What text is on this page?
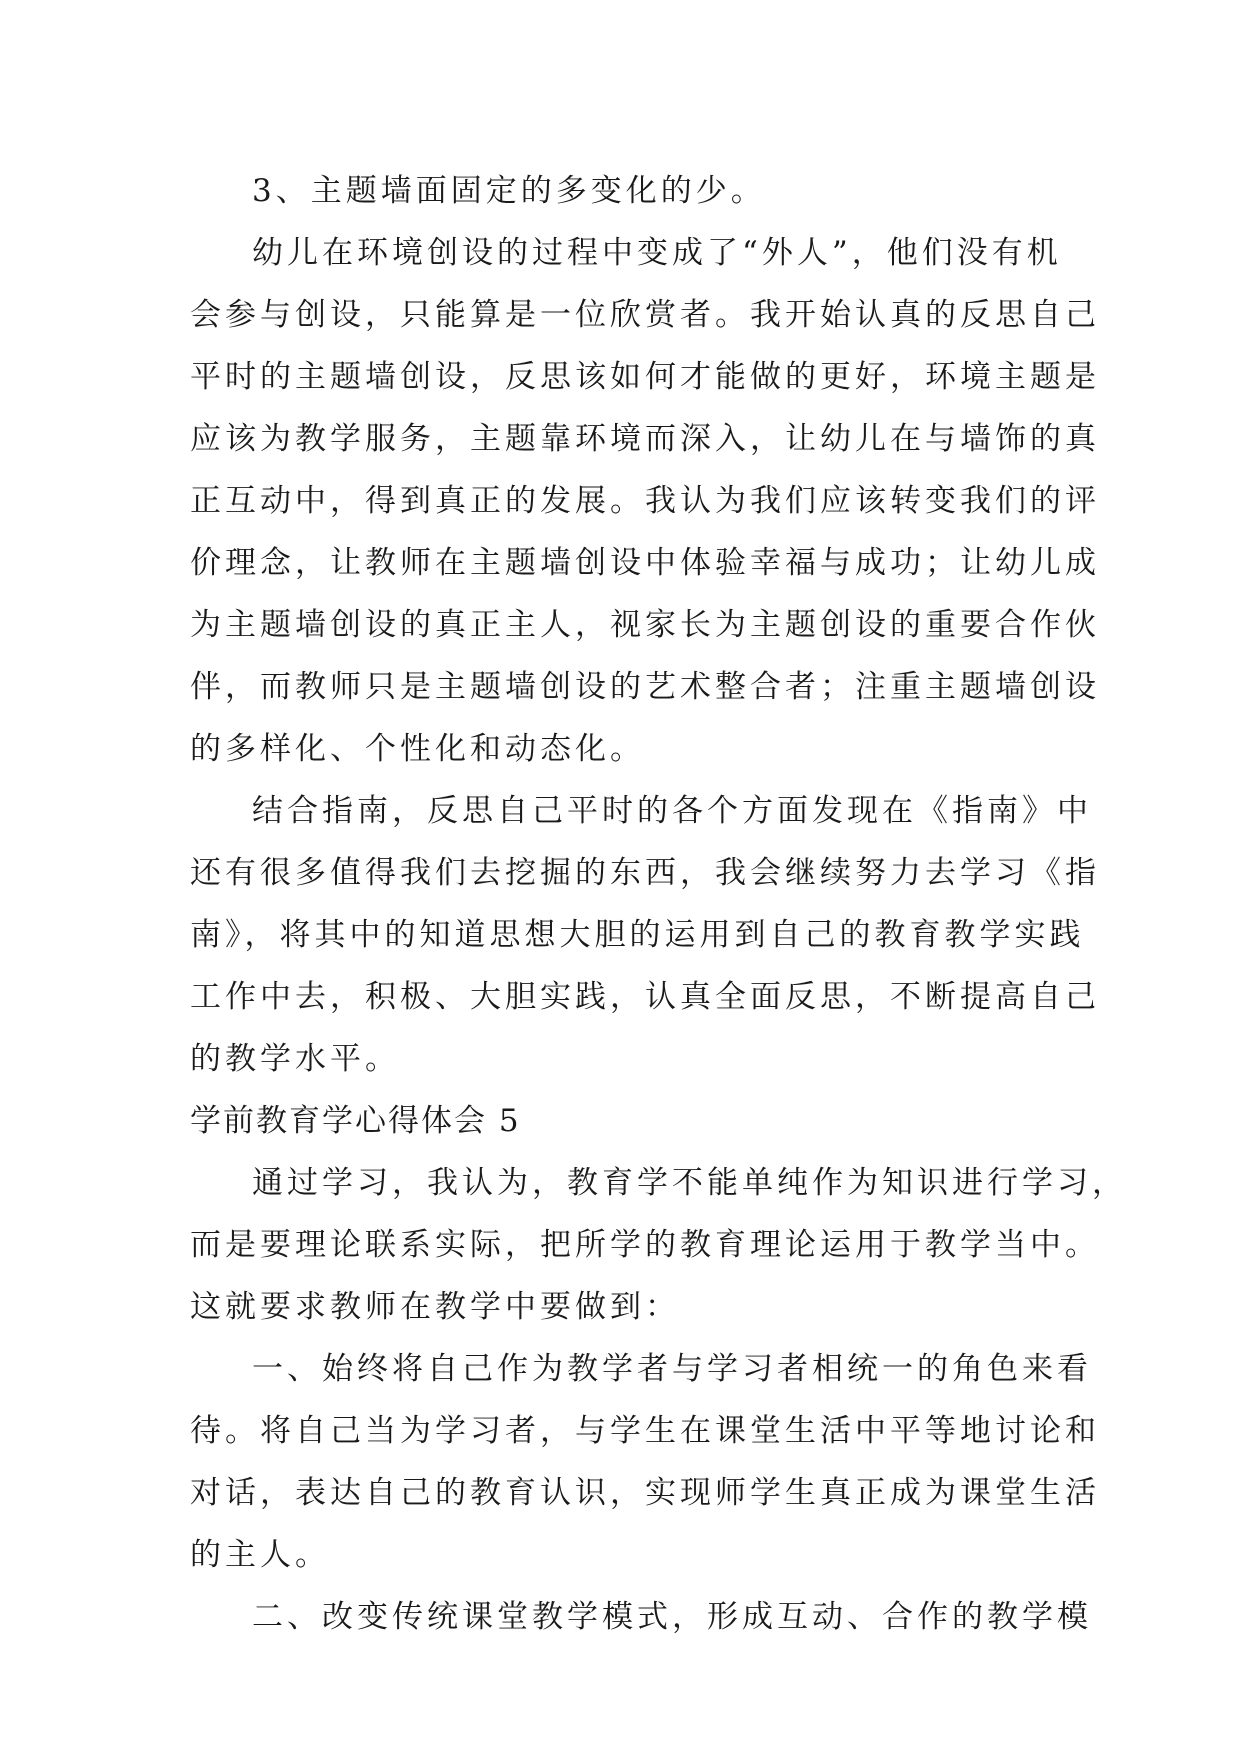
3、主题墙面固定的多变化的少。
幼儿在环境创设的过程中变成了“外人”，他们没有机
会参与创设，只能算是一位欣赏者。我开始认真的反思自己
平时的主题墙创设，反思该如何才能做的更好，环境主题是
应该为教学服务，主题靠环境而深入，让幼儿在与墙饰的真
正互动中，得到真正的发展。我认为我们应该转变我们的评
价理念，让教师在主题墙创设中体验幸福与成功；让幼儿成
为主题墙创设的真正主人，视家长为主题创设的重要合作伙
伴，而教师只是主题墙创设的艺术整合者；注重主题墙创设
的多样化、个性化和动态化。
结合指南，反思自己平时的各个方面发现在《指南》中
还有很多值得我们去挖掘的东西，我会继续努力去学习《指
南》，将其中的知道思想大胆的运用到自己的教育教学实践
工作中去，积极、大胆实践，认真全面反思，不断提高自己
的教学水平。
学前教育学心得体会 5
通过学习，我认为，教育学不能单纯作为知识进行学习，
而是要理论联系实际，把所学的教育理论运用于教学当中。
这就要求教师在教学中要做到：
一、始终将自己作为教学者与学习者相统一的角色来看
待。将自己当为学习者，与学生在课堂生活中平等地讨论和
对话，表达自己的教育认识，实现师学生真正成为课堂生活
的主人。
二、改变传统课堂教学模式，形成互动、合作的教学模
